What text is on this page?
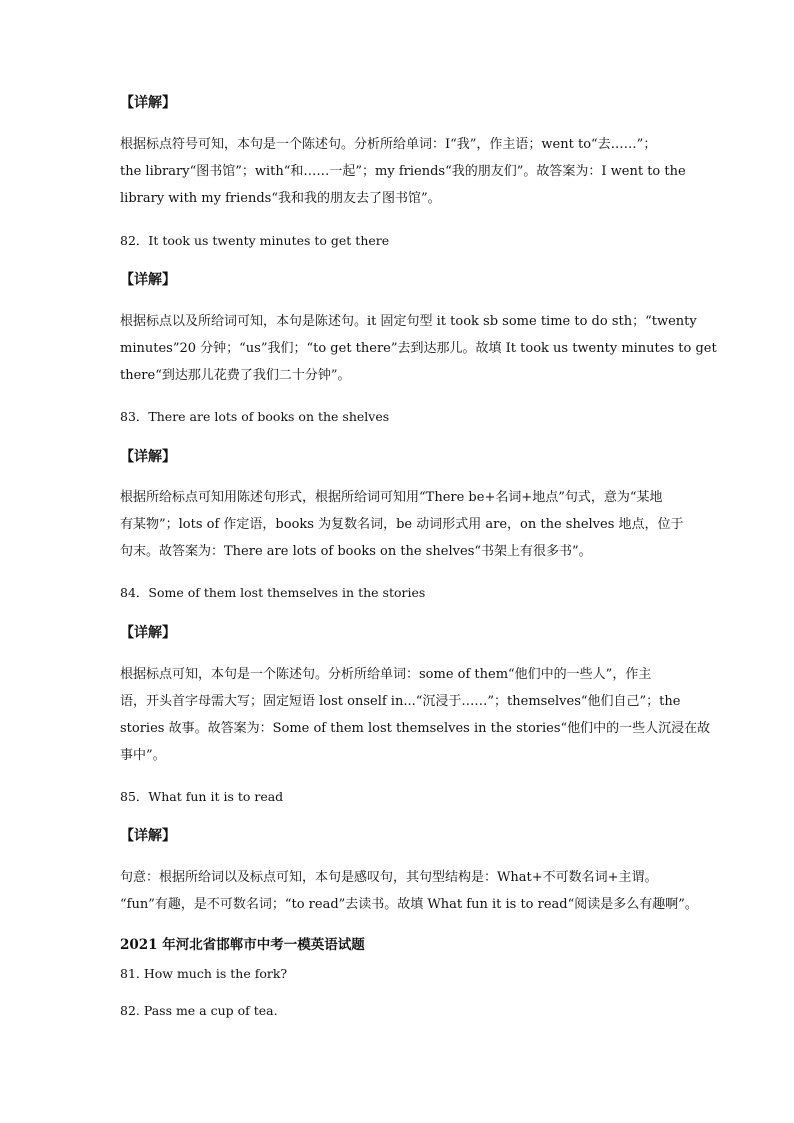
【详解】
根据标点符号可知，本句是一个陈述句。分析所给单词：I“我”，作主语；went to“去……”；
the library“图书馆”；with“和……一起”；my friends“我的朋友们”。故答案为：I went to the
library with my friends“我和我的朋友去了图书馆”。
82．It took us twenty minutes to get there
【详解】
根据标点以及所给词可知，本句是陈述句。it 固定句型 it took sb some time to do sth；“twenty
minutes”20 分钟；“us”我们；“to get there”去到达那儿。故填 It took us twenty minutes to get
there“到达那儿花费了我们二十分钟”。
83．There are lots of books on the shelves
【详解】
根据所给标点可知用陈述句形式，根据所给词可知用“There be+名词+地点”句式，意为“某地
有某物”；lots of 作定语，books 为复数名词，be 动词形式用 are，on the shelves 地点，位于
句末。故答案为：There are lots of books on the shelves“书架上有很多书”。
84．Some of them lost themselves in the stories
【详解】
根据标点可知，本句是一个陈述句。分析所给单词：some of them“他们中的一些人”，作主
语，开头首字母需大写；固定短语 lost onself in...“沉浸于……”；themselves“他们自己”；the
stories 故事。故答案为：Some of them lost themselves in the stories“他们中的一些人沉浸在故
事中”。
85．What fun it is to read
【详解】
句意：根据所给词以及标点可知，本句是感叹句，其句型结构是：What+不可数名词+主谓。
“fun”有趣，是不可数名词；“to read”去读书。故填 What fun it is to read“阅读是多么有趣啊”。
2021 年河北省邯郸市中考一模英语试题
81. How much is the fork?
82. Pass me a cup of tea.
